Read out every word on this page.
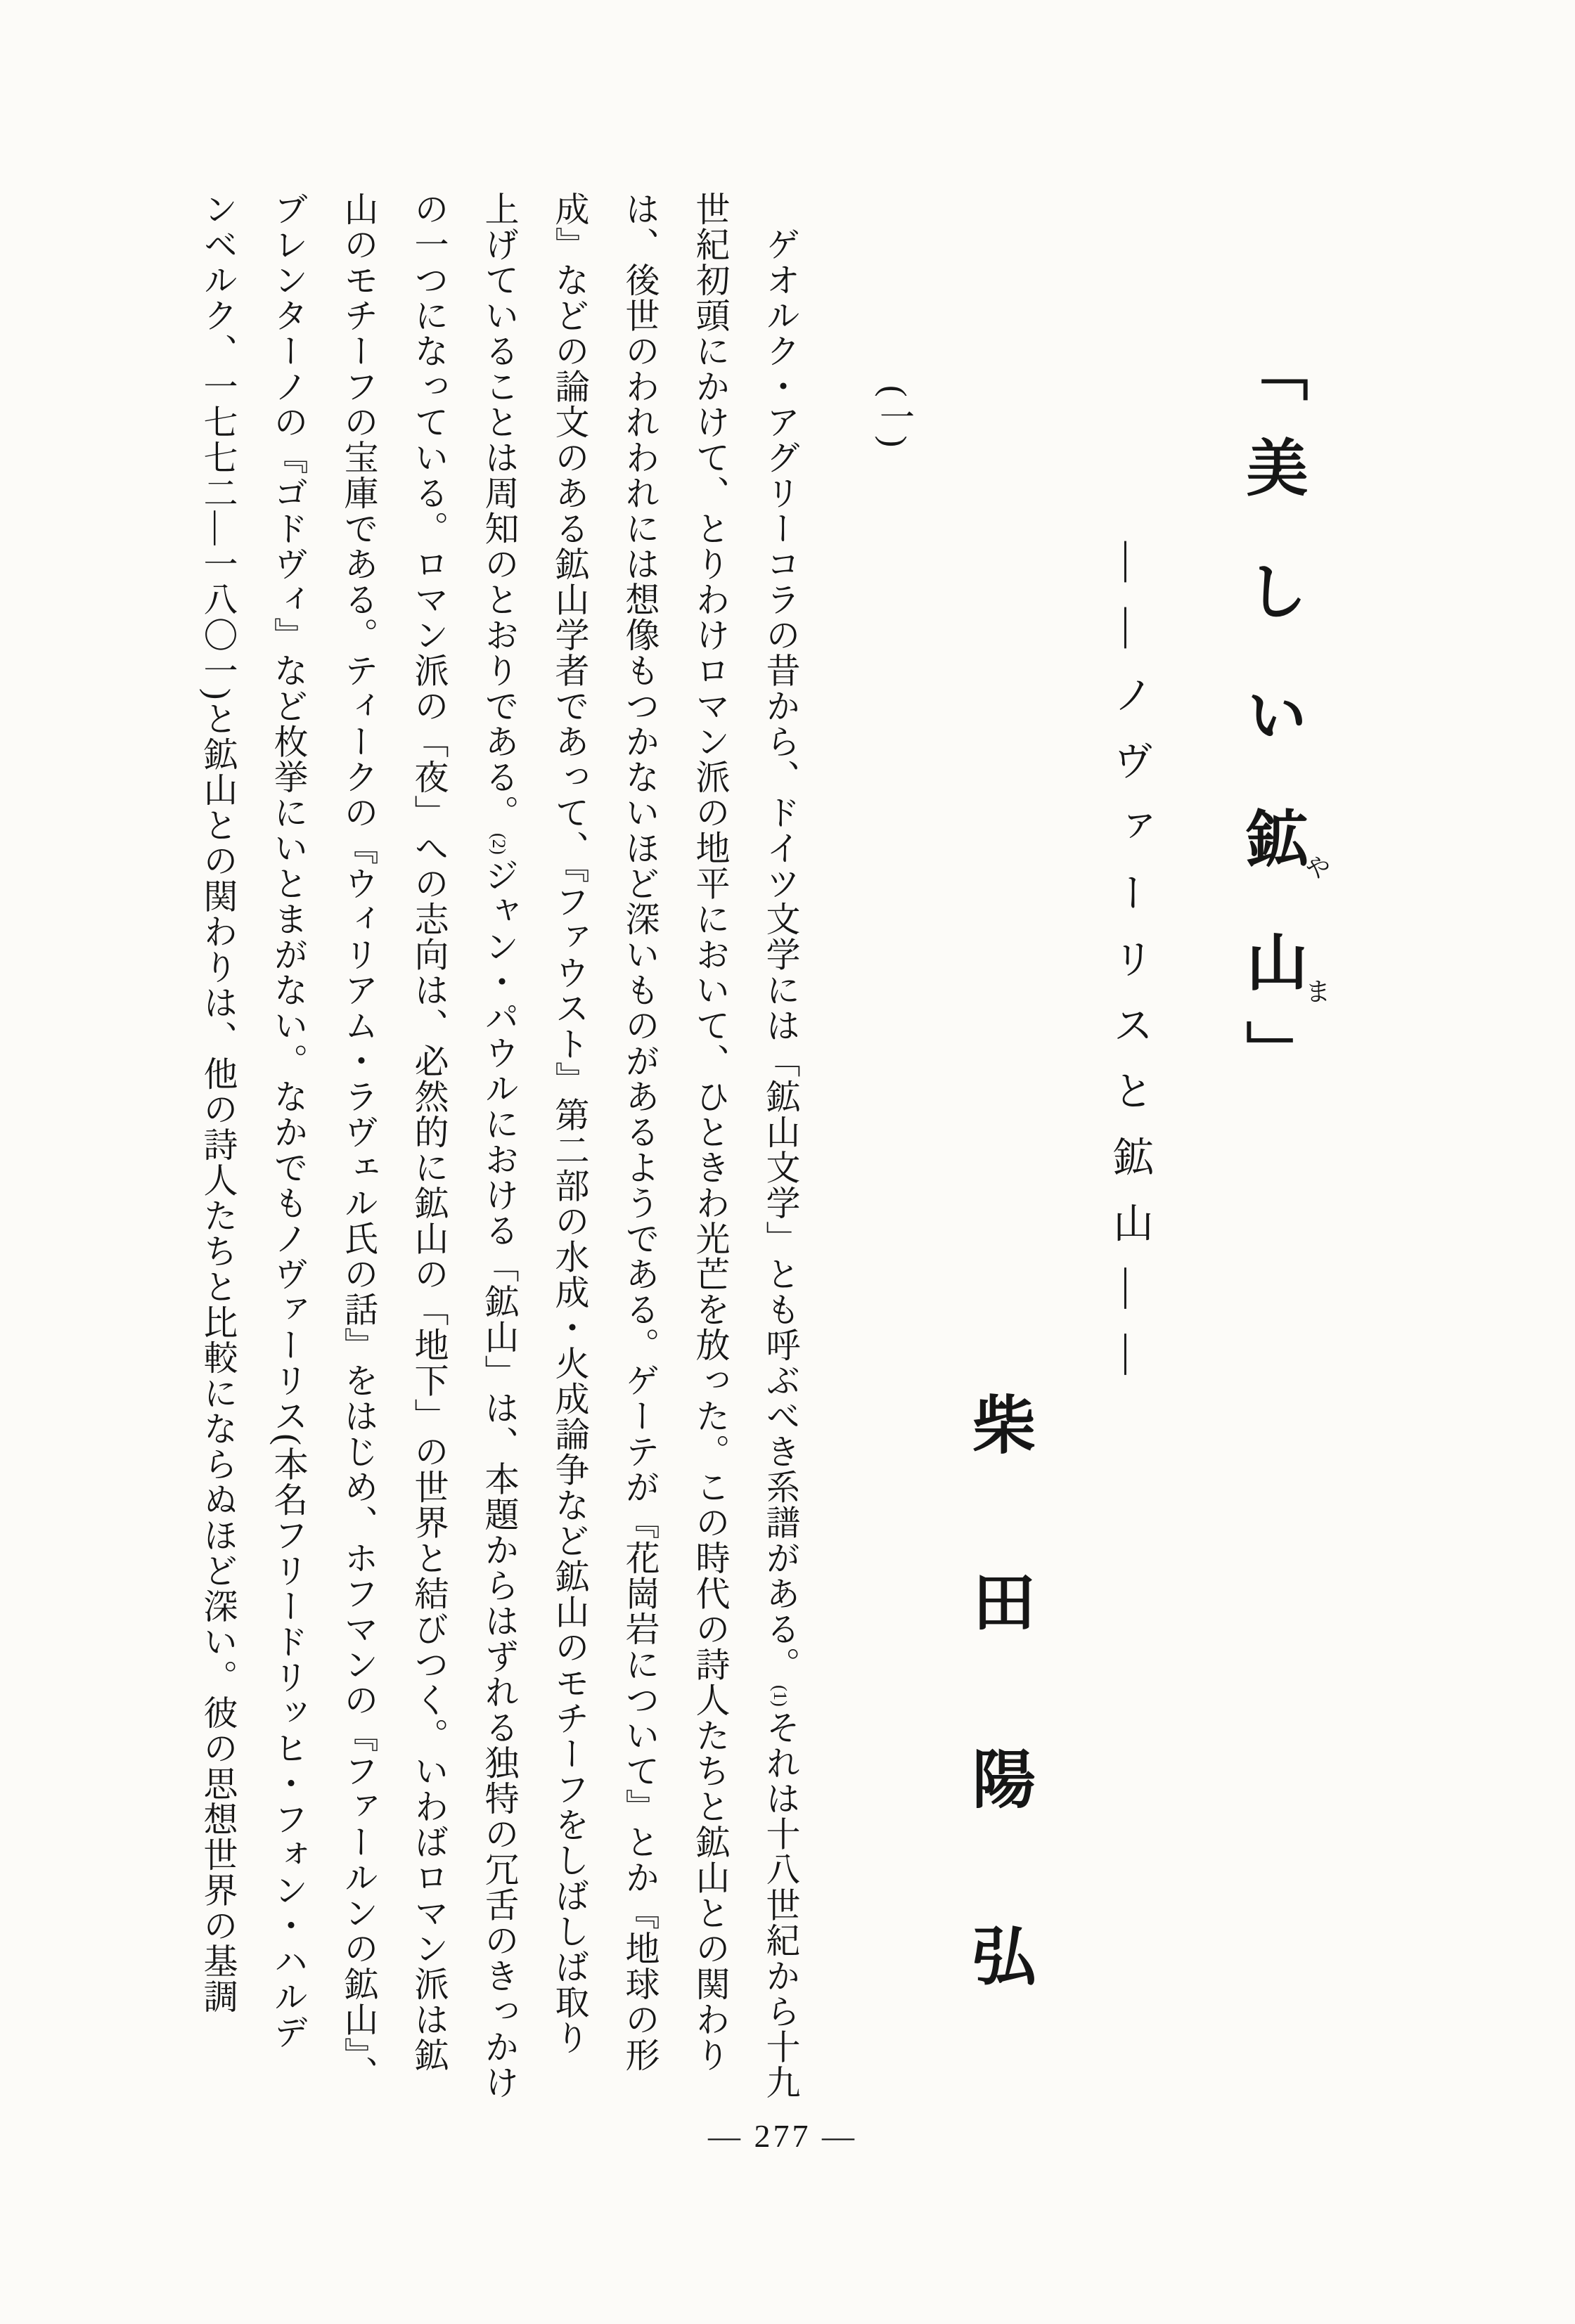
「美しい鉱や山ま」
——ノヴァーリスと鉱山——
柴田陽弘
(一)
　ゲオルク・アグリーコラの昔から、ドイツ文学には「鉱山文学」とも呼ぶべき系譜がある。(1)それは十八世紀から十九
世紀初頭にかけて、とりわけロマン派の地平において、ひときわ光芒を放った。この時代の詩人たちと鉱山との関わり
は、後世のわれわれには想像もつかないほど深いものがあるようである。ゲーテが『花崗岩について』とか『地球の形
成』などの論文のある鉱山学者であって、『ファウスト』第二部の水成・火成論争など鉱山のモチーフをしばしば取り
上げていることは周知のとおりである。(2)ジャン・パウルにおける「鉱山」は、本題からはずれる独特の冗舌のきっかけ
の一つになっている。ロマン派の「夜」への志向は、必然的に鉱山の「地下」の世界と結びつく。いわばロマン派は鉱
山のモチーフの宝庫である。ティークの『ウィリアム・ラヴェル氏の話』をはじめ、ホフマンの『ファールンの鉱山』、
ブレンターノの『ゴドヴィ』など枚挙にいとまがない。なかでもノヴァーリス(本名フリードリッヒ・フォン・ハルデ
ンベルク、一七七二—一八〇一)と鉱山との関わりは、他の詩人たちと比較にならぬほど深い。彼の思想世界の基調
— 277 —
